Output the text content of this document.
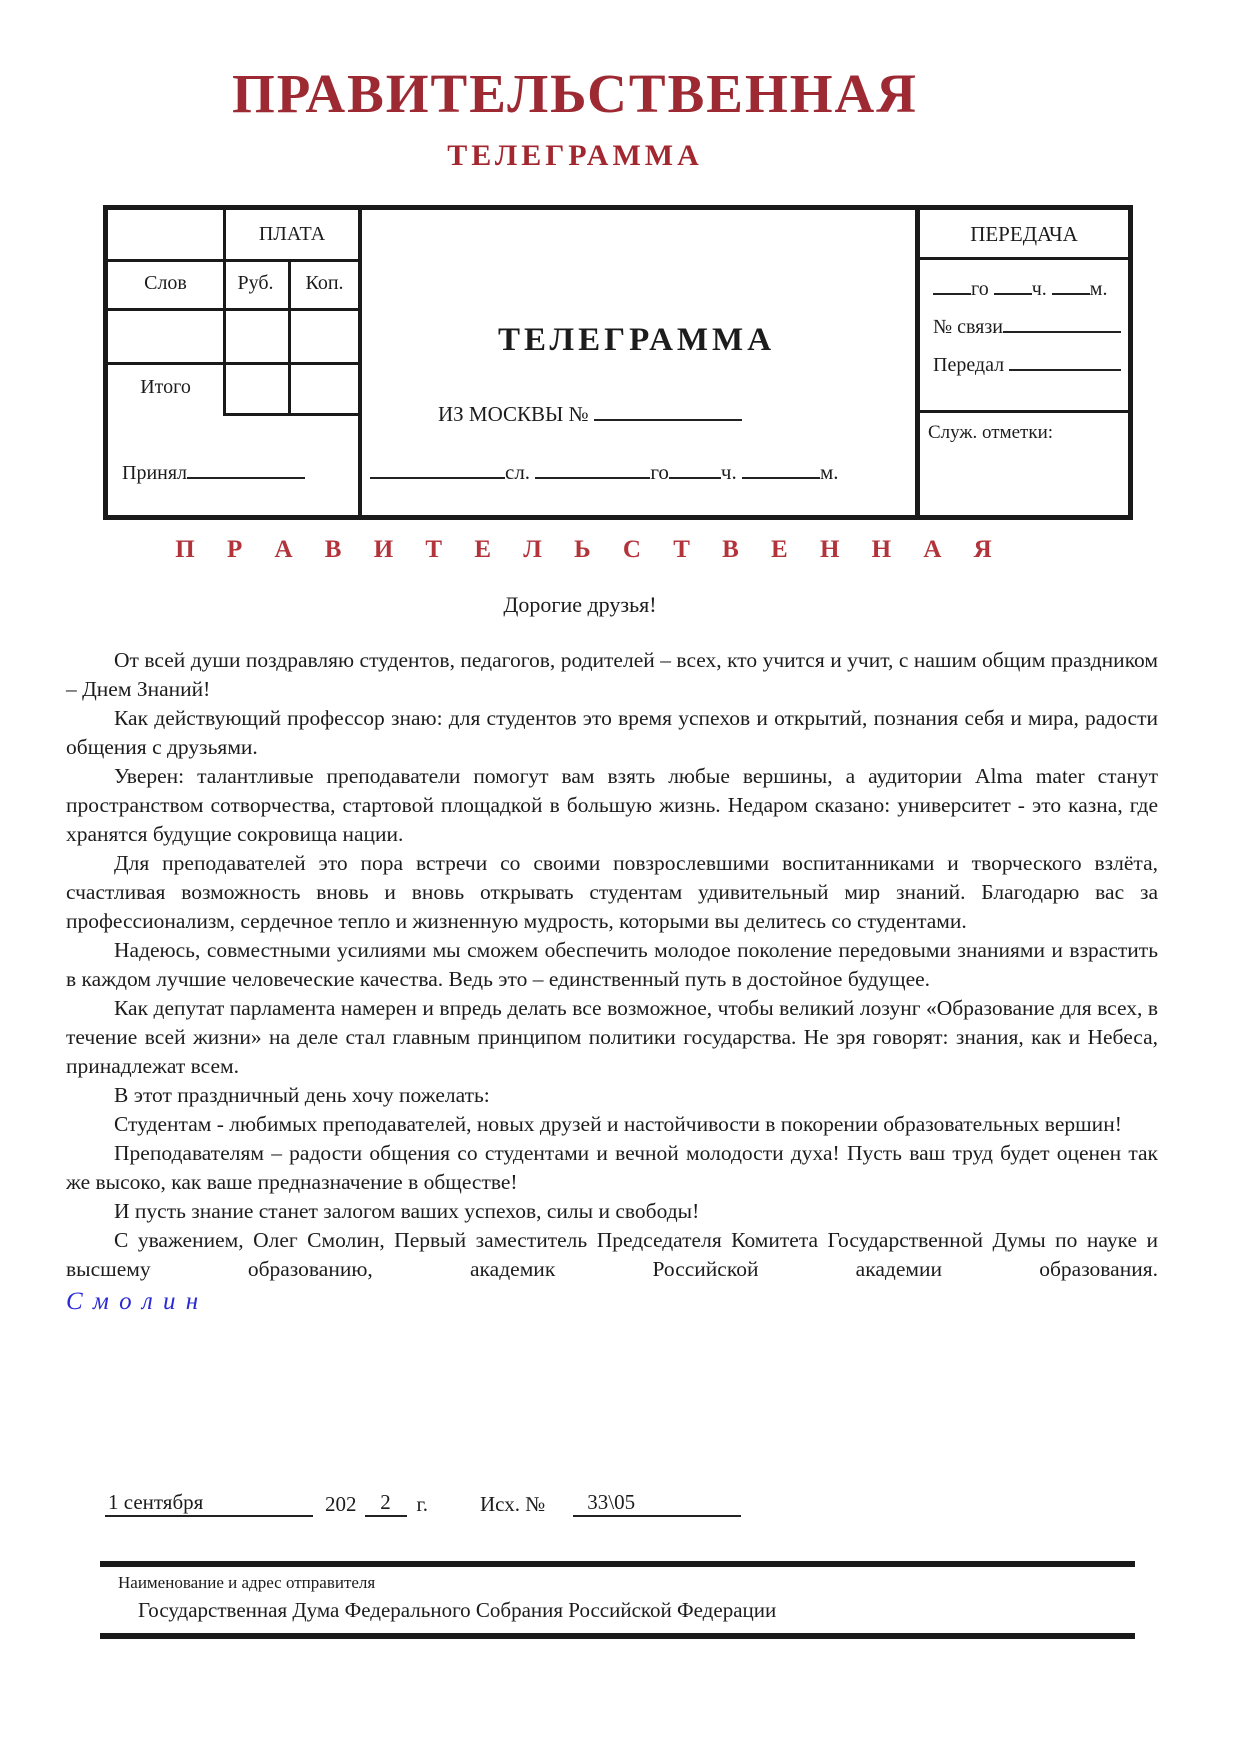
ПРАВИТЕЛЬСТВЕННАЯ
ТЕЛЕГРАММА
ПЛАТА
Слов	Руб.	Коп.
Итого
Принял
ТЕЛЕГРАММА
ИЗ МОСКВЫ №
сл.	го ч.	м.
ПЕРЕДАЧА
го ч. м.
№ связи
Передал
Служ. отметки:
П Р А В И Т Е Л Ь С Т В Е Н Н А Я
Дорогие друзья!

От всей души поздравляю студентов, педагогов, родителей – всех, кто учится и учит, с нашим общим праздником – Днем Знаний!

Как действующий профессор знаю: для студентов это время успехов и открытий, познания себя и мира, радости общения с друзьями.

Уверен: талантливые преподаватели помогут вам взять любые вершины, а аудитории Alma mater станут пространством сотворчества, стартовой площадкой в большую жизнь. Недаром сказано: университет - это казна, где хранятся будущие сокровища нации.

Для преподавателей это пора встречи со своими повзрослевшими воспитанниками и творческого взлёта, счастливая возможность вновь и вновь открывать студентам удивительный мир знаний. Благодарю вас за профессионализм, сердечное тепло и жизненную мудрость, которыми вы делитесь со студентами.

Надеюсь, совместными усилиями мы сможем обеспечить молодое поколение передовыми знаниями и взрастить в каждом лучшие человеческие качества. Ведь это – единственный путь в достойное будущее.

Как депутат парламента намерен и впредь делать все возможное, чтобы великий лозунг «Образование для всех, в течение всей жизни» на деле стал главным принципом политики государства. Не зря говорят: знания, как и Небеса, принадлежат всем.

В этот праздничный день хочу пожелать:

Студентам - любимых преподавателей, новых друзей и настойчивости в покорении образовательных вершин!

Преподавателям – радости общения со студентами и вечной молодости духа! Пусть ваш труд будет оценен так же высоко, как ваше предназначение в обществе!

И пусть знание станет залогом ваших успехов, силы и свободы!

С уважением, Олег Смолин, Первый заместитель Председателя Комитета Государственной Думы по науке и высшему образованию, академик Российской академии образования.

С м о л и н
1 сентября	202	2	г. Исх. №	33\05
Наименование и адрес отправителя
Государственная Дума Федерального Собрания Российской Федерации
